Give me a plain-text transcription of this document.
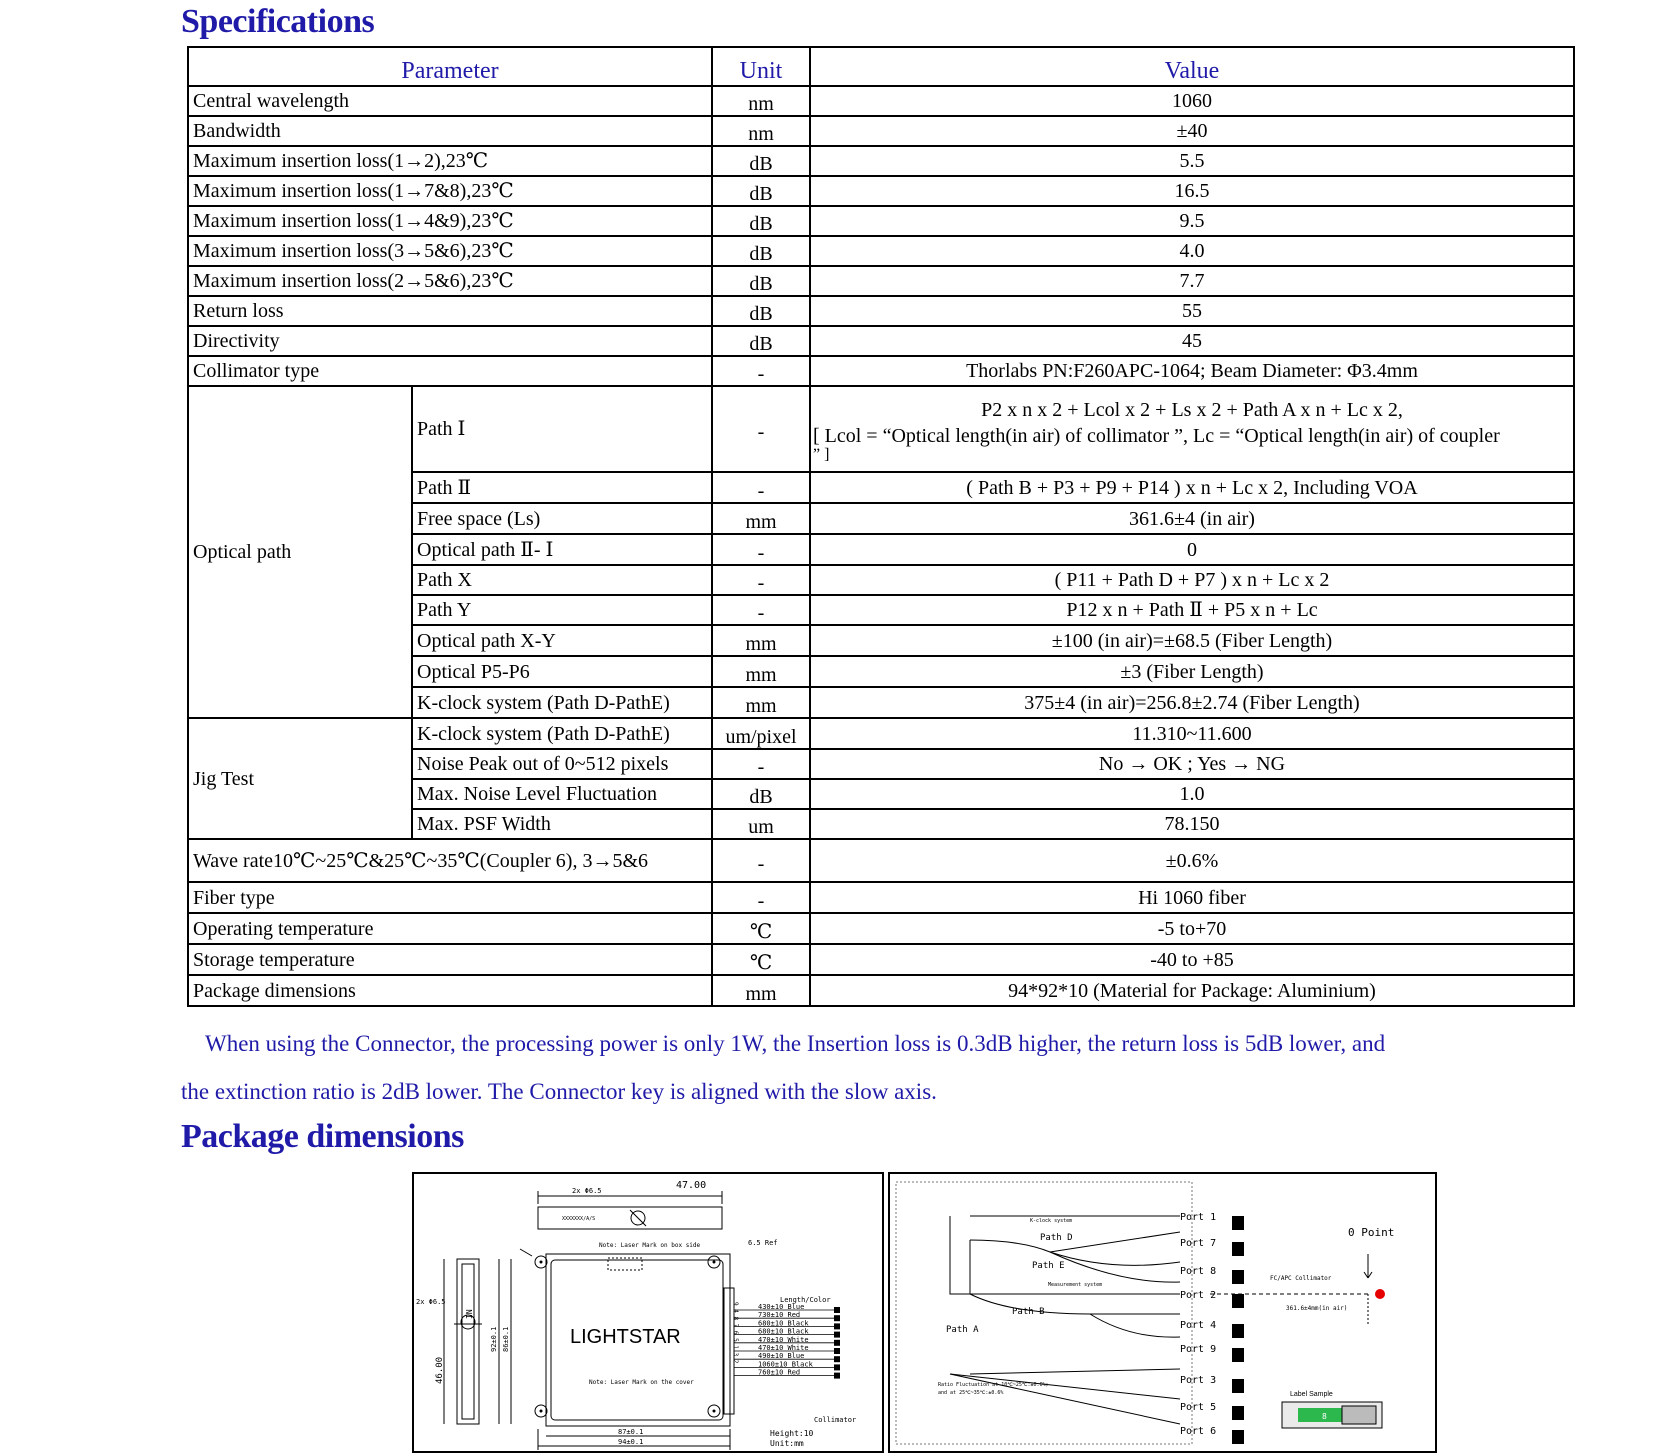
Specifications
Parameter		Unit	Value
Central wavelength		nm	1060
Bandwidth		nm	±40
Maximum insertion loss(1→2),23℃		dB	5.5
Maximum insertion loss(1→7&8),23℃		dB	16.5
Maximum insertion loss(1→4&9),23℃		dB	9.5
Maximum insertion loss(3→5&6),23℃		dB	4.0
Maximum insertion loss(2→5&6),23℃		dB	7.7
Return loss		dB	55
Directivity		dB	45
Collimator type		-	Thorlabs PN:F260APC-1064; Beam Diameter: Φ3.4mm
Optical path	Path Ⅰ	-	P2 x n x 2 + Lcol x 2 + Ls x 2 + Path A x n + Lc x 2,
[ Lcol = “Optical length(in air) of collimator ”, Lc = “Optical length(in air) of coupler
” ]

	Path Ⅱ	-	( Path B + P3 + P9 + P14 ) x n + Lc x 2, Including VOA
	Free space (Ls)	mm	361.6±4 (in air)
	Optical path Ⅱ- Ⅰ	-	0
	Path X	-	( P11 + Path D + P7 ) x n + Lc x 2
	Path Y	-	P12 x n + Path Ⅱ + P5 x n + Lc
	Optical path X-Y	mm	±100 (in air)=±68.5 (Fiber Length)
	Optical P5-P6	mm	±3 (Fiber Length)
	K-clock system (Path D-PathE)	mm	375±4 (in air)=256.8±2.74 (Fiber Length)
Jig Test	K-clock system (Path D-PathE)	um/pixel	11.310~11.600
	Noise Peak out of 0~512 pixels	-	No → OK ; Yes → NG
	Max. Noise Level Fluctuation	dB	1.0
	Max. PSF Width	um	78.150
Wave rate10℃~25℃&25℃~35℃(Coupler 6), 3→5&6		-	±0.6%
Fiber type		-	Hi 1060 fiber
Operating temperature		℃	-5 to+70
Storage temperature		℃	-40 to +85
Package dimensions		mm	94*92*10 (Material for Package: Aluminium)
When using the Connector, the processing power is only 1W, the Insertion loss is 0.3dB higher, the return loss is 5dB lower, and
the extinction ratio is 2dB lower. The Connector key is aligned with the slow axis.
Package dimensions
47.00
2x Φ6.5
XXXXXXX/A/S
Note: Laser Mark on box side	6.5 Ref
2x Φ6.5
LIGHTSTAR
Note: Laser Mark on the cover
Length/Color
430±10 Blue
730±10 Red
680±10 Black
680±10 Black
470±10 White
470±10 White
490±10 Blue
1060±10 Black
760±10 Red
87±0.1
94±0.1
46.00
92±0.1 86±0.1
IN	9 4 8 7 6 5 1 3 2
Collimator
Height:10
Unit:mm
8
Port 1
Port 7
Port 8
Port 2
Port 4
Port 9
Port 3
Port 5
Port 6
0 Point
FC/APC Collimator
361.6±4mm(in air)
Path A
Path B
Path D
Path E
K-clock system
Measurement system
Label Sample
Ratio Fluctuation at 10℃~25℃:±0.6%;
and at 25℃~35℃:±0.6%
